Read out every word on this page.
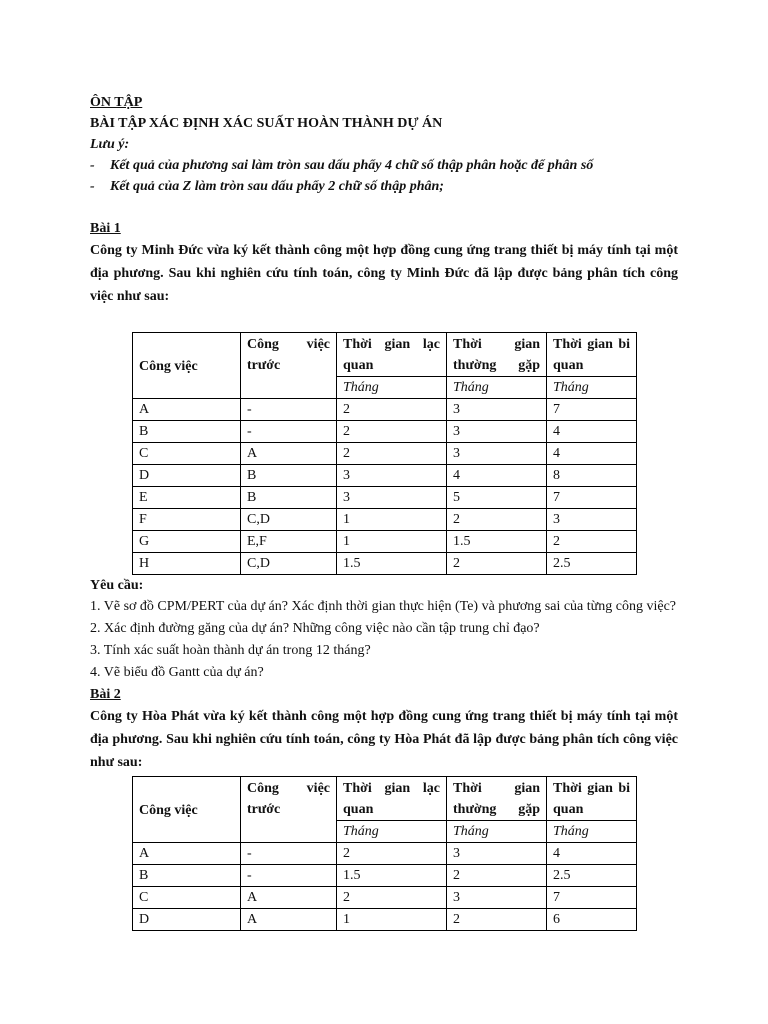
ÔN TẬP
BÀI TẬP XÁC ĐỊNH XÁC SUẤT HOÀN THÀNH DỰ ÁN
Lưu ý:
- Kết quả của phương sai làm tròn sau dấu phẩy 4 chữ số thập phân hoặc để phân số
- Kết quả của Z làm tròn sau dấu phẩy 2 chữ số thập phân;
Bài 1
Công ty Minh Đức vừa ký kết thành công một hợp đồng cung ứng trang thiết bị máy tính tại một địa phương. Sau khi nghiên cứu tính toán, công ty Minh Đức đã lập được bảng phân tích công việc như sau:
Công việc	Công việc trước	Thời gian lạc quan	Thời gian thường gặp	Thời gian bi quan
		Tháng	Tháng	Tháng
A	-	2	3	7
B	-	2	3	4
C	A	2	3	4
D	B	3	4	8
E	B	3	5	7
F	C,D	1	2	3
G	E,F	1	1.5	2
H	C,D	1.5	2	2.5
Yêu cầu:
1. Vẽ sơ đồ CPM/PERT của dự án? Xác định thời gian thực hiện (Te) và phương sai của từng công việc?
2. Xác định đường găng của dự án? Những công việc nào cần tập trung chỉ đạo?
3. Tính xác suất hoàn thành dự án trong 12 tháng?
4. Vẽ biểu đồ Gantt của dự án?
Bài 2
Công ty Hòa Phát vừa ký kết thành công một hợp đồng cung ứng trang thiết bị máy tính tại một địa phương. Sau khi nghiên cứu tính toán, công ty Hòa Phát đã lập được bảng phân tích công việc như sau:
Công việc	Công việc trước	Thời gian lạc quan	Thời gian thường gặp	Thời gian bi quan
		Tháng	Tháng	Tháng
A	-	2	3	4
B	-	1.5	2	2.5
C	A	2	3	7
D	A	1	2	6
